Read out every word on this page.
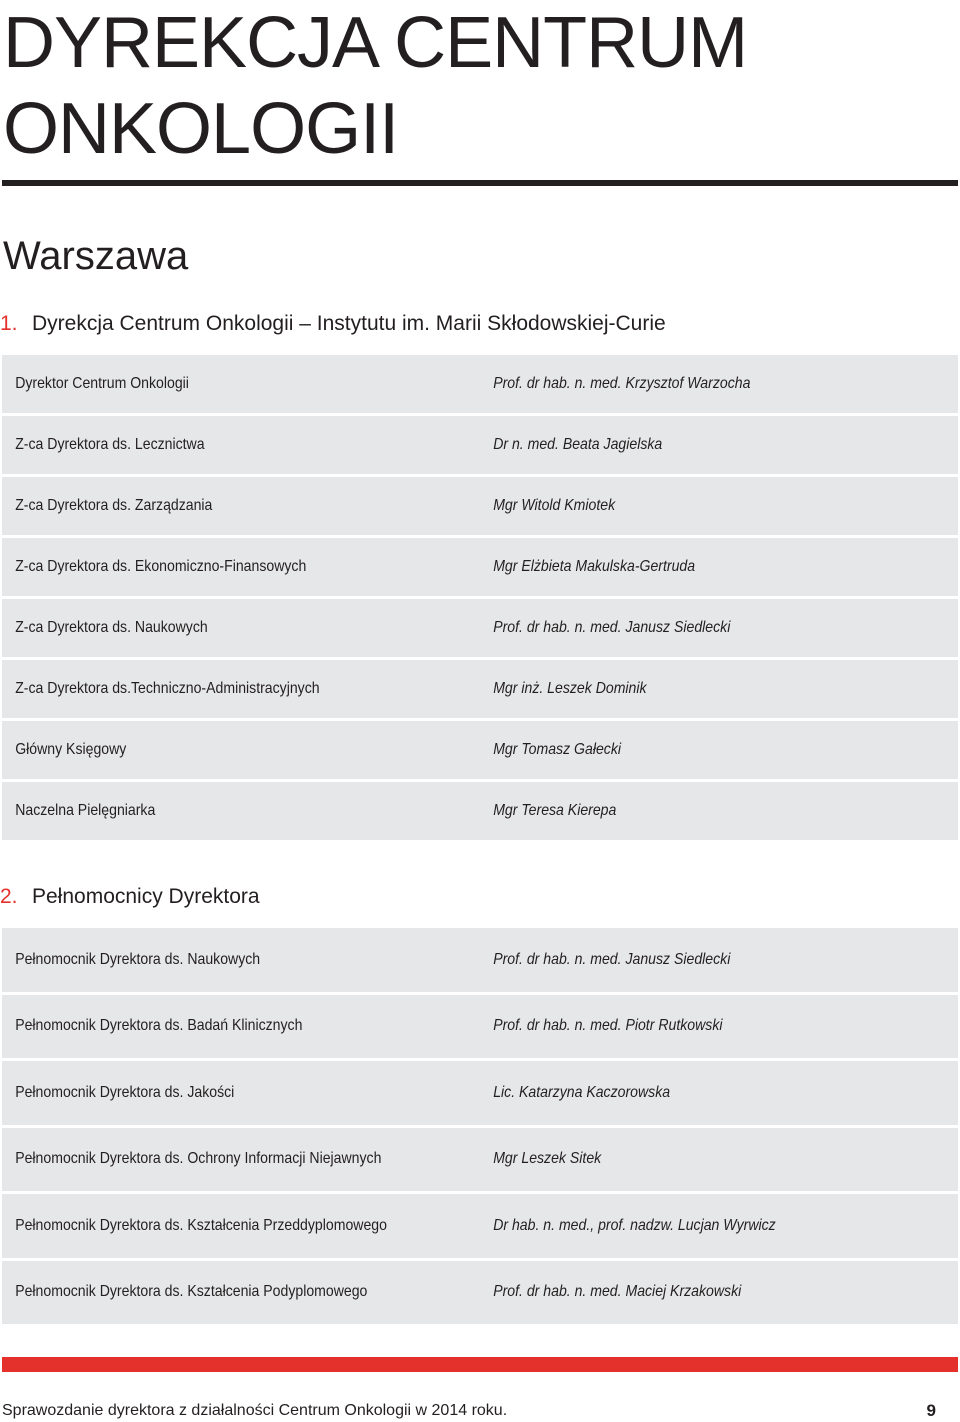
DYREKCJA CENTRUM
ONKOLOGII
Warszawa
1. Dyrekcja Centrum Onkologii – Instytutu im. Marii Skłodowskiej-Curie
Dyrektor Centrum Onkologii	Prof. dr hab. n. med. Krzysztof Warzocha
Z-ca Dyrektora ds. Lecznictwa	Dr n. med. Beata Jagielska
Z-ca Dyrektora ds. Zarządzania	Mgr Witold Kmiotek
Z-ca Dyrektora ds. Ekonomiczno-Finansowych	Mgr Elżbieta Makulska-Gertruda
Z-ca Dyrektora ds. Naukowych	Prof. dr hab. n. med. Janusz Siedlecki
Z-ca Dyrektora ds.Techniczno-Administracyjnych	Mgr inż. Leszek Dominik
Główny Księgowy	Mgr Tomasz Gałecki
Naczelna Pielęgniarka	Mgr Teresa Kierepa
2. Pełnomocnicy Dyrektora
Pełnomocnik Dyrektora ds. Naukowych	Prof. dr hab. n. med. Janusz Siedlecki
Pełnomocnik Dyrektora ds. Badań Klinicznych	Prof. dr hab. n. med. Piotr Rutkowski
Pełnomocnik Dyrektora ds. Jakości	Lic. Katarzyna Kaczorowska
Pełnomocnik Dyrektora ds. Ochrony Informacji Niejawnych	Mgr Leszek Sitek
Pełnomocnik Dyrektora ds. Kształcenia Przeddyplomowego	Dr hab. n. med., prof. nadzw. Lucjan Wyrwicz
Pełnomocnik Dyrektora ds. Kształcenia Podyplomowego	Prof. dr hab. n. med. Maciej Krzakowski
Sprawozdanie dyrektora z działalności Centrum Onkologii w 2014 roku.	9
